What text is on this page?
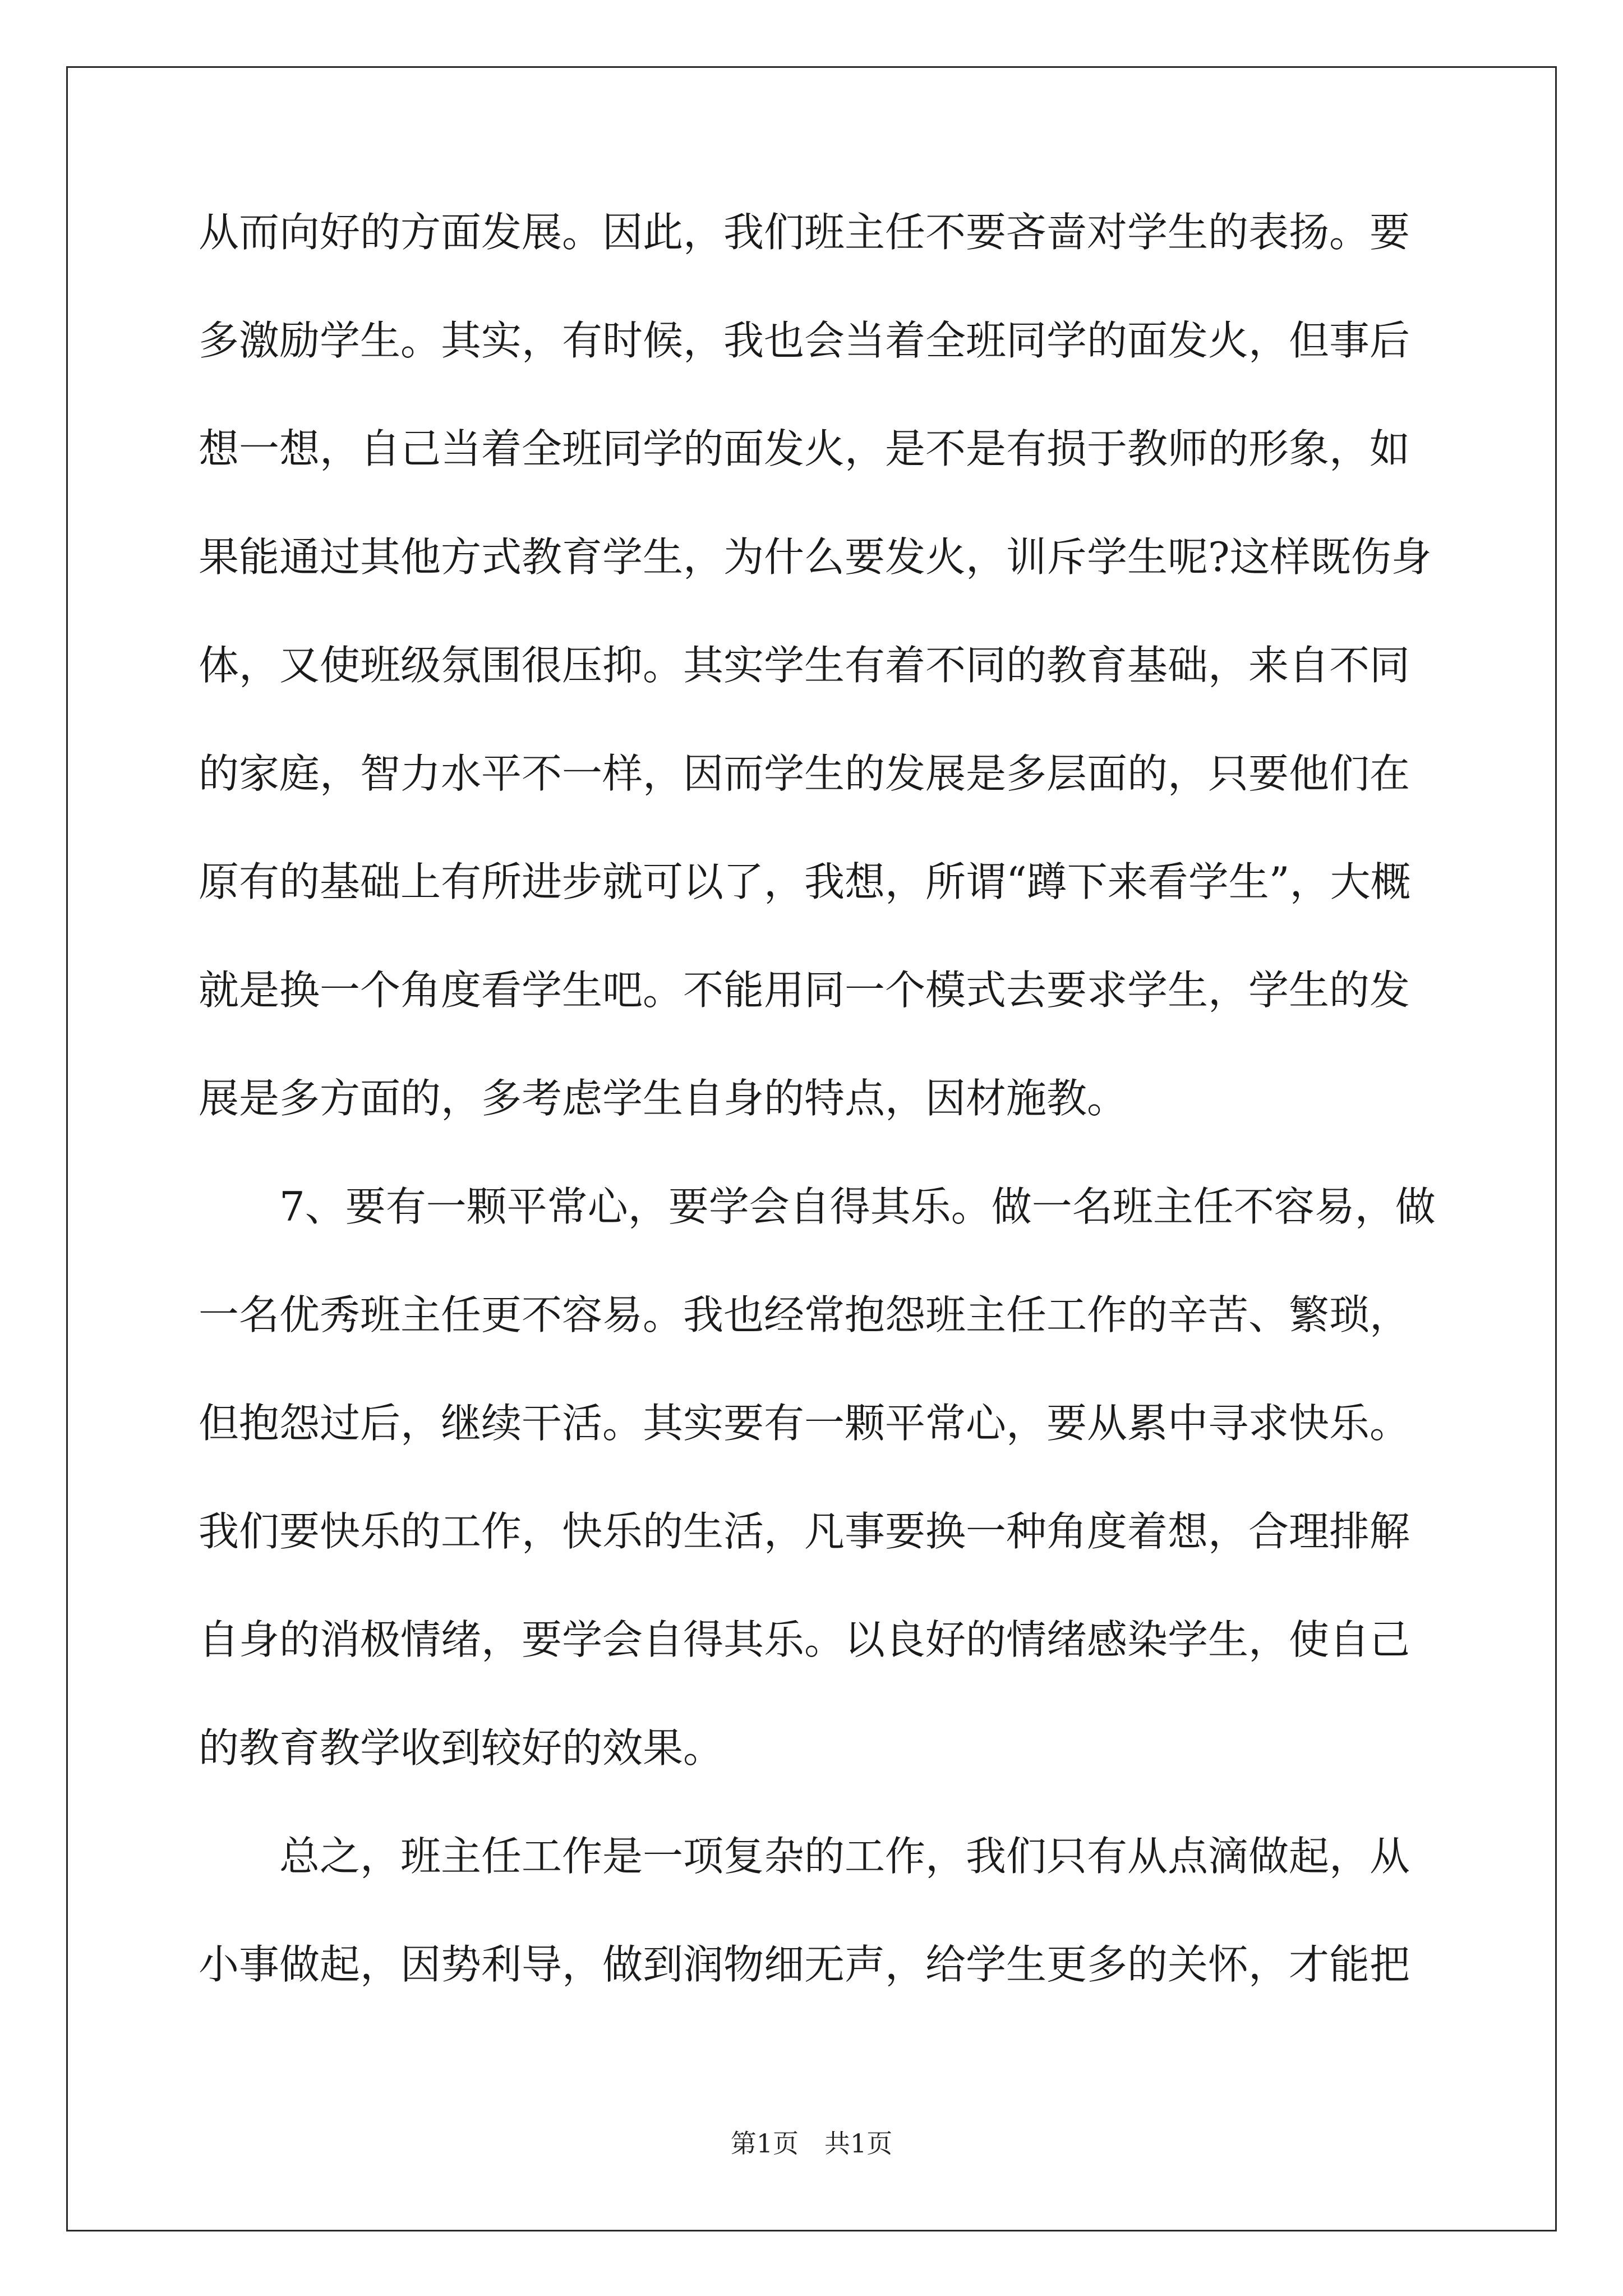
从而向好的方面发展。因此，我们班主任不要吝啬对学生的表扬。要
多激励学生。其实，有时候，我也会当着全班同学的面发火，但事后
想一想，自己当着全班同学的面发火，是不是有损于教师的形象，如
果能通过其他方式教育学生，为什么要发火，训斥学生呢?这样既伤身
体，又使班级氛围很压抑。其实学生有着不同的教育基础，来自不同
的家庭，智力水平不一样，因而学生的发展是多层面的，只要他们在
原有的基础上有所进步就可以了，我想，所谓“蹲下来看学生”，大概
就是换一个角度看学生吧。不能用同一个模式去要求学生，学生的发
展是多方面的，多考虑学生自身的特点，因材施教。
　　7、要有一颗平常心，要学会自得其乐。做一名班主任不容易，做
一名优秀班主任更不容易。我也经常抱怨班主任工作的辛苦、繁琐，
但抱怨过后，继续干活。其实要有一颗平常心，要从累中寻求快乐。
我们要快乐的工作，快乐的生活，凡事要换一种角度着想，合理排解
自身的消极情绪，要学会自得其乐。以良好的情绪感染学生，使自己
的教育教学收到较好的效果。
　　总之，班主任工作是一项复杂的工作，我们只有从点滴做起，从
小事做起，因势利导，做到润物细无声，给学生更多的关怀，才能把
第1页　共1页
